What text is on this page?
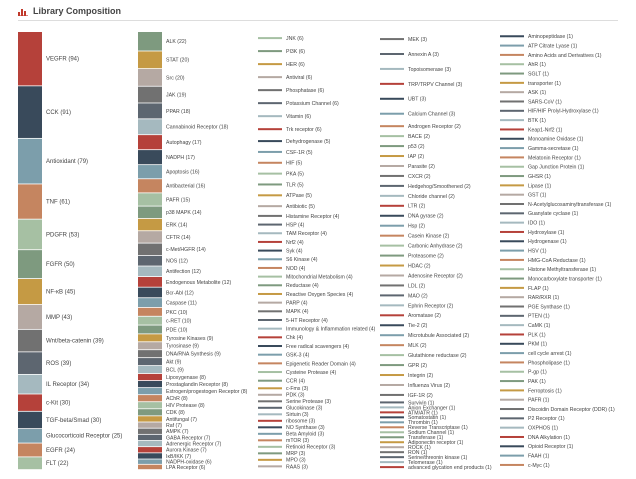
Library Composition
VEGFR (94)
CCK (91)
Antioxidant (79)
TNF (61)
PDGFR (53)
FGFR (50)
NF-κB (45)
MMP (43)
Wnt/beta-catenin (39)
ROS (39)
IL Receptor (34)
c-Kit (30)
TGF-beta/Smad (30)
Glucocorticoid Receptor (25)
EGFR (24)
FLT (22)
ALK (22)
STAT (20)
Src (20)
JAK (19)
PPAR (18)
Cannabinoid Receptor (18)
Autophagy (17)
NADPH (17)
Apoptosis (16)
Antibacterial (16)
PAFR (15)
p38 MAPK (14)
ERK (14)
CFTR (14)
c-Met/HGFR (14)
NOS (12)
Antifection (12)
Endogenous Metabolite (12)
Bcr-Abl (12)
Caspase (11)
PKC (10)
c-RET (10)
PDE (10)
Tyrosine Kinases (9)
Tyrosinase (9)
DNA/RNA Synthesis (9)
Akt (9)
BCL (9)
Lipoxygenase (8)
Prostaglandin Receptor (8)
Estrogen/progestogen Receptor (8)
AChR (8)
HIV Protease (8)
CDK (8)
Antifungal (7)
Raf (7)
AMPK (7)
GABA Receptor (7)
Adrenergic Receptor (7)
Aurora Kinase (7)
IκB/IKK (7)
NADPH-oxidase (6)
LPA Receptor (6)
JNK (6)
PI3K (6)
HER (6)
Antiviral (6)
Phosphatase (6)
Potassium Channel (6)
Vitamin (6)
Trk receptor (6)
Dehydrogenase (5)
CSF-1R (5)
HIF (5)
PKA (5)
TLR (5)
ATPase (5)
Antibiotic (5)
Histamine Receptor (4)
HSP (4)
TAM Receptor (4)
Nrf2 (4)
Syk (4)
S6 Kinase (4)
NOD (4)
Mitochondrial Metabolism (4)
Reductase (4)
Reactive Oxygen Species (4)
PARP (4)
MAPK (4)
5-HT Receptor (4)
Immunology & Inflammation related (4)
Chk (4)
Free radical scavengers (4)
GSK-3 (4)
Epigenetic Reader Domain (4)
Cysteine Protease (4)
CCR (4)
c-Fms (3)
PDK (3)
Serine Protease (3)
Glucokinase (3)
Sirtuin (3)
ribosome (3)
NO Synthase (3)
Beta Amyloid (3)
mTOR (3)
Retinoid Receptor (3)
MRP (3)
MPO (3)
RAAS (3)
MEK (3)
Annexin A (3)
Topoisomerase (3)
TRP/TRPV Channel (3)
UBT (3)
Calcium Channel (3)
Androgen Receptor (2)
BACE (2)
p53 (2)
IAP (2)
Parasite (2)
CXCR (2)
Hedgehog/Smoothened (2)
Chloride channel (2)
LTR (2)
DNA gyrase (2)
Hsp (2)
Casein Kinase (2)
Carbonic Anhydrase (2)
Proteasome (2)
HDAC (2)
Adenosine Receptor (2)
LDL (2)
MAO (2)
Ephrin Receptor (2)
Aromatase (2)
Tie-2 (2)
Microtubule Associated (2)
MLK (2)
Glutathione reductase (2)
GPR (2)
Integrin (2)
Influenza Virus (2)
IGF-1R (2)
Survivin (1)
Anion Exchanger (1)
ATM/ATR (1)
Somatostatin (1)
Thrombin (1)
Reverse Transcriptase (1)
Sodium Channel (1)
Transferase (1)
Adiponectin receptor (1)
ROCK (1)
RON (1)
Serine/threonin kinase (1)
Telomerase (1)
advanced glycation end products (1)
Aminopeptidase (1)
ATP Citrate Lyase (1)
Amino Acids and Derivatives (1)
AhR (1)
SGLT (1)
transporter (1)
ASK (1)
SARS-CoV (1)
HIF/HIF Prolyl-Hydroxylase (1)
BTK (1)
Keap1-Nrf2 (1)
Monoamine Oxidase (1)
Gamma-secretase (1)
Melatonin Receptor (1)
Gap Junction Protein (1)
GHSR (1)
Lipase (1)
GST (1)
N-Acetylglucosaminyltransferase (1)
Guanylate cyclase (1)
IDO (1)
Hydroxylase (1)
Hydrogenase (1)
HSV (1)
HMG-CoA Reductase (1)
Histone Methyltransferase (1)
Monocarboxylate transporter (1)
FLAP (1)
RAR/RXR (1)
PGE Synthase (1)
PTEN (1)
CaMK (1)
PLK (1)
PKM (1)
cell cycle arrest (1)
Phospholipase (1)
P-gp (1)
PAK (1)
Ferroptosis (1)
PAFR (1)
Discoidin Domain Receptor (DDR) (1)
P2 Receptor (1)
OXPHOS (1)
DNA Alkylation (1)
Opioid Receptor (1)
FAAH (1)
c-Myc (1)
